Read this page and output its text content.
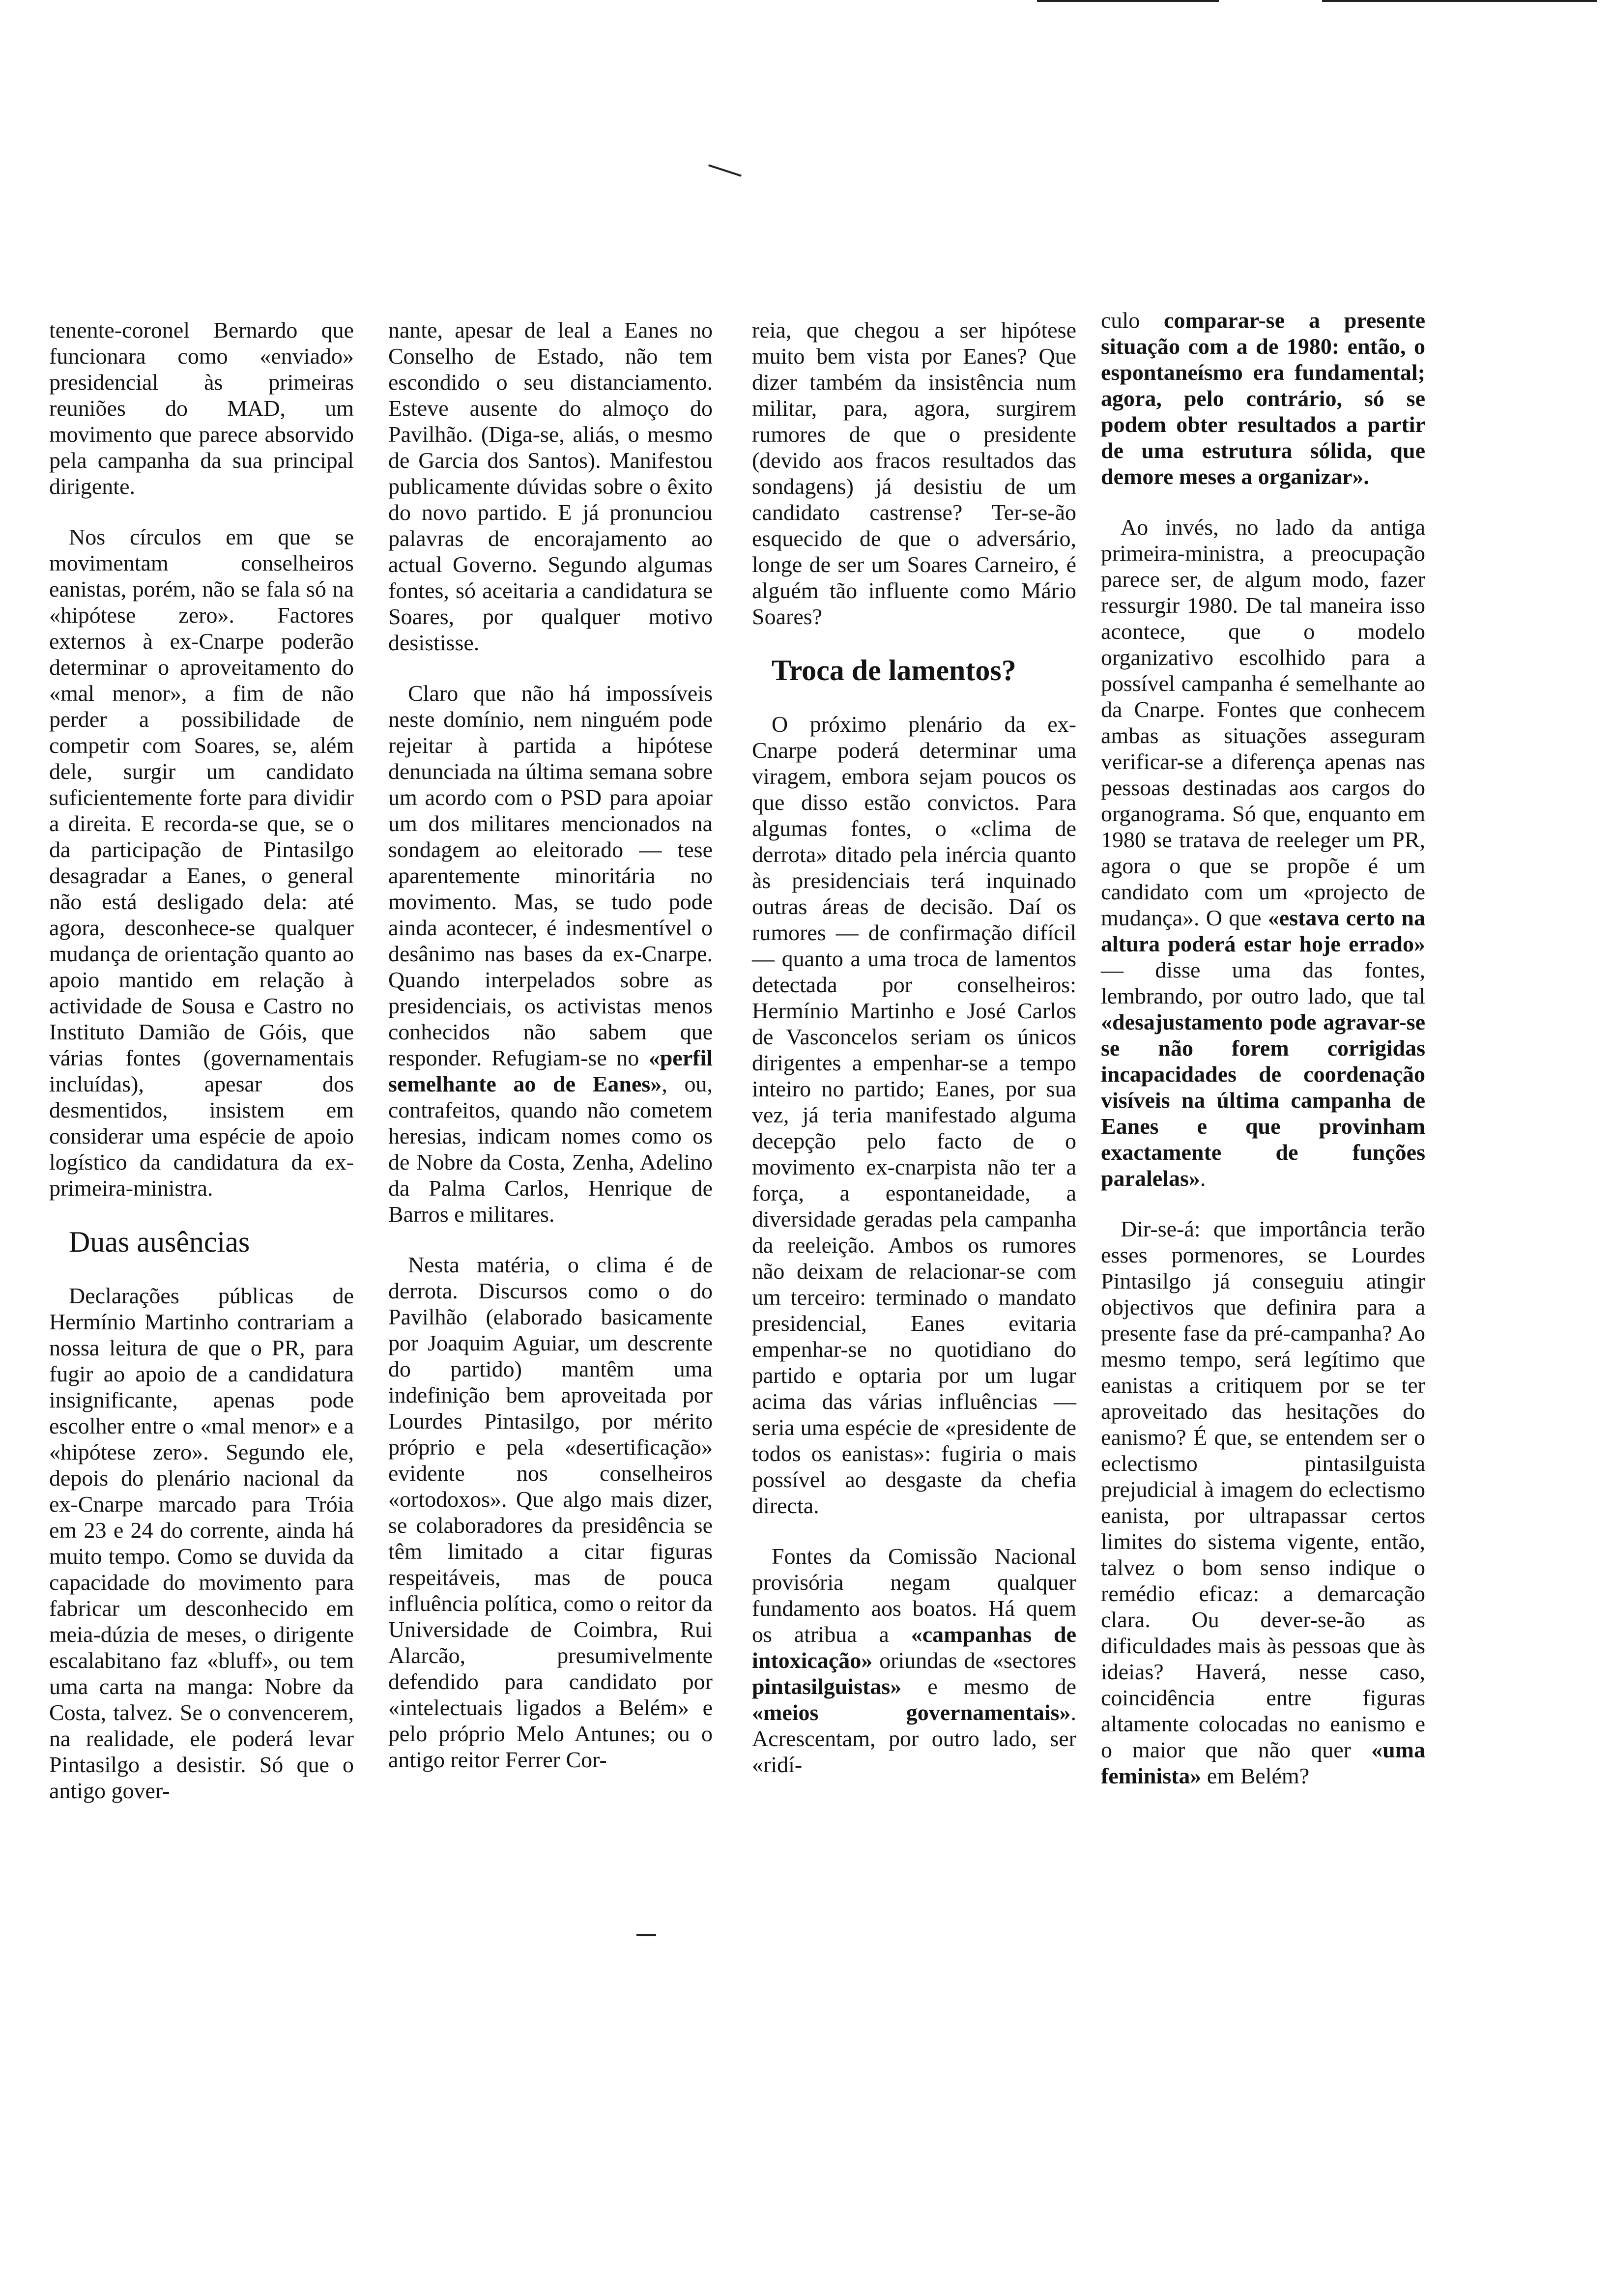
tenente-coronel Bernardo que funcionara como «enviado» presidencial às primeiras reuniões do MAD, um movimento que parece absorvido pela campanha da sua principal dirigente.

Nos círculos em que se movimentam conselheiros eanistas, porém, não se fala só na «hipótese zero». Factores externos à ex-Cnarpe poderão determinar o aproveitamento do «mal menor», a fim de não perder a possibilidade de competir com Soares, se, além dele, surgir um candidato suficientemente forte para dividir a direita. E recorda-se que, se o da participação de Pintasilgo desagradar a Eanes, o general não está desligado dela: até agora, desconhece-se qualquer mudança de orientação quanto ao apoio mantido em relação à actividade de Sousa e Castro no Instituto Damião de Góis, que várias fontes (governamentais incluídas), apesar dos desmentidos, insistem em considerar uma espécie de apoio logístico da candidatura da ex-primeira-ministra.

Duas ausências

Declarações públicas de Hermínio Martinho contrariam a nossa leitura de que o PR, para fugir ao apoio de a candidatura insignificante, apenas pode escolher entre o «mal menor» e a «hipótese zero». Segundo ele, depois do plenário nacional da ex-Cnarpe marcado para Tróia em 23 e 24 do corrente, ainda há muito tempo. Como se duvida da capacidade do movimento para fabricar um desconhecido em meia-dúzia de meses, o dirigente escalabitano faz «bluff», ou tem uma carta na manga: Nobre da Costa, talvez. Se o convencerem, na realidade, ele poderá levar Pintasilgo a desistir. Só que o antigo gover-

nante, apesar de leal a Eanes no Conselho de Estado, não tem escondido o seu distanciamento. Esteve ausente do almoço do Pavilhão. (Diga-se, aliás, o mesmo de Garcia dos Santos). Manifestou publicamente dúvidas sobre o êxito do novo partido. E já pronunciou palavras de encorajamento ao actual Governo. Segundo algumas fontes, só aceitaria a candidatura se Soares, por qualquer motivo desistisse.

Claro que não há impossíveis neste domínio, nem ninguém pode rejeitar à partida a hipótese denunciada na última semana sobre um acordo com o PSD para apoiar um dos militares mencionados na sondagem ao eleitorado — tese aparentemente minoritária no movimento. Mas, se tudo pode ainda acontecer, é indesmentível o desânimo nas bases da ex-Cnarpe. Quando interpelados sobre as presidenciais, os activistas menos conhecidos não sabem que responder. Refugiam-se no «perfil semelhante ao de Eanes», ou, contrafeitos, quando não cometem heresias, indicam nomes como os de Nobre da Costa, Zenha, Adelino da Palma Carlos, Henrique de Barros e militares.

Nesta matéria, o clima é de derrota. Discursos como o do Pavilhão (elaborado basicamente por Joaquim Aguiar, um descrente do partido) mantêm uma indefinição bem aproveitada por Lourdes Pintasilgo, por mérito próprio e pela «desertificação» evidente nos conselheiros «ortodoxos». Que algo mais dizer, se colaboradores da presidência se têm limitado a citar figuras respeitáveis, mas de pouca influência política, como o reitor da Universidade de Coimbra, Rui Alarcão, presumivelmente defendido para candidato por «intelectuais ligados a Belém» e pelo próprio Melo Antunes; ou o antigo reitor Ferrer Cor-

reia, que chegou a ser hipótese muito bem vista por Eanes? Que dizer também da insistência num militar, para, agora, surgirem rumores de que o presidente (devido aos fracos resultados das sondagens) já desistiu de um candidato castrense? Ter-se-ão esquecido de que o adversário, longe de ser um Soares Carneiro, é alguém tão influente como Mário Soares?

Troca de lamentos?

O próximo plenário da ex-Cnarpe poderá determinar uma viragem, embora sejam poucos os que disso estão convictos. Para algumas fontes, o «clima de derrota» ditado pela inércia quanto às presidenciais terá inquinado outras áreas de decisão. Daí os rumores — de confirmação difícil — quanto a uma troca de lamentos detectada por conselheiros: Hermínio Martinho e José Carlos de Vasconcelos seriam os únicos dirigentes a empenhar-se a tempo inteiro no partido; Eanes, por sua vez, já teria manifestado alguma decepção pelo facto de o movimento ex-cnarpista não ter a força, a espontaneidade, a diversidade geradas pela campanha da reeleição. Ambos os rumores não deixam de relacionar-se com um terceiro: terminado o mandato presidencial, Eanes evitaria empenhar-se no quotidiano do partido e optaria por um lugar acima das várias influências — seria uma espécie de «presidente de todos os eanistas»: fugiria o mais possível ao desgaste da chefia directa.

Fontes da Comissão Nacional provisória negam qualquer fundamento aos boatos. Há quem os atribua a «campanhas de intoxicação» oriundas de «sectores pintasilguistas» e mesmo de «meios governamentais». Acrescentam, por outro lado, ser «ridí-

culo comparar-se a presente situação com a de 1980: então, o espontaneísmo era fundamental; agora, pelo contrário, só se podem obter resultados a partir de uma estrutura sólida, que demore meses a organizar».

Ao invés, no lado da antiga primeira-ministra, a preocupação parece ser, de algum modo, fazer ressurgir 1980. De tal maneira isso acontece, que o modelo organizativo escolhido para a possível campanha é semelhante ao da Cnarpe. Fontes que conhecem ambas as situações asseguram verificar-se a diferença apenas nas pessoas destinadas aos cargos do organograma. Só que, enquanto em 1980 se tratava de reeleger um PR, agora o que se propõe é um candidato com um «projecto de mudança». O que «estava certo na altura poderá estar hoje errado» — disse uma das fontes, lembrando, por outro lado, que tal «desajustamento pode agravar-se se não forem corrigidas incapacidades de coordenação visíveis na última campanha de Eanes e que provinham exactamente de funções paralelas».

Dir-se-á: que importância terão esses pormenores, se Lourdes Pintasilgo já conseguiu atingir objectivos que definira para a presente fase da pré-campanha? Ao mesmo tempo, será legítimo que eanistas a critiquem por se ter aproveitado das hesitações do eanismo? É que, se entendem ser o eclectismo pintasilguista prejudicial à imagem do eclectismo eanista, por ultrapassar certos limites do sistema vigente, então, talvez o bom senso indique o remédio eficaz: a demarcação clara. Ou dever-se-ão as dificuldades mais às pessoas que às ideias? Haverá, nesse caso, coincidência entre figuras altamente colocadas no eanismo e o maior que não quer «uma feminista» em Belém?
